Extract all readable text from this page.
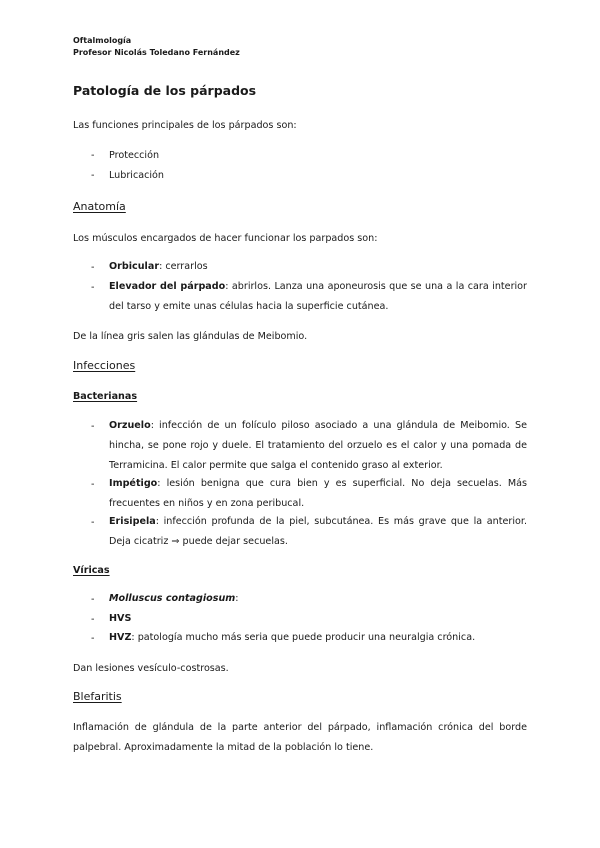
Oftalmología
Profesor Nicolás Toledano Fernández
Patología de los párpados
Las funciones principales de los párpados son:
- Protección
- Lubricación
Anatomía
Los músculos encargados de hacer funcionar los parpados son:
- Orbicular: cerrarlos
- Elevador del párpado: abrirlos. Lanza una aponeurosis que se una a la cara interior del tarso y emite unas células hacia la superficie cutánea.
De la línea gris salen las glándulas de Meibomio.
Infecciones
Bacterianas
- Orzuelo: infección de un folículo piloso asociado a una glándula de Meibomio. Se hincha, se pone rojo y duele. El tratamiento del orzuelo es el calor y una pomada de Terramicina. El calor permite que salga el contenido graso al exterior.
- Impétigo: lesión benigna que cura bien y es superficial. No deja secuelas. Más frecuentes en niños y en zona peribucal.
- Erisipela: infección profunda de la piel, subcutánea. Es más grave que la anterior. Deja cicatriz ⇒ puede dejar secuelas.
Víricas
- Molluscus contagiosum:
- HVS
- HVZ: patología mucho más seria que puede producir una neuralgia crónica.
Dan lesiones vesículo-costrosas.
Blefaritis
Inflamación de glándula de la parte anterior del párpado, inflamación crónica del borde palpebral. Aproximadamente la mitad de la población lo tiene.
